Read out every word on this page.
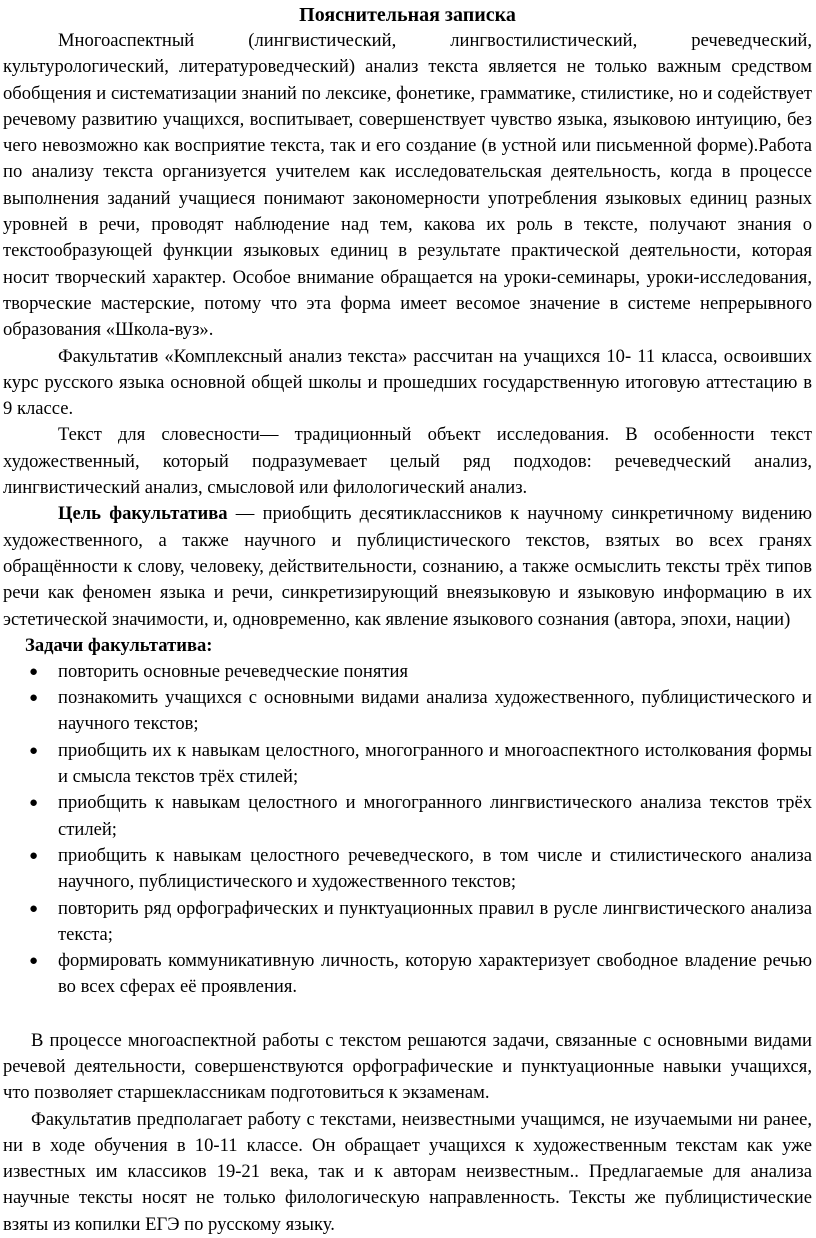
Пояснительная записка

Многоаспектный (лингвистический, лингвостилистический, речеведческий, культурологический, литературоведческий) анализ текста является не только важным средством обобщения и систематизации знаний по лексике, фонетике, грамматике, стилистике, но и содействует речевому развитию учащихся, воспитывает, совершенствует чувство языка, языковою интуицию, без чего невозможно как восприятие текста, так и его создание (в устной или письменной форме).Работа по анализу текста организуется учителем как исследовательская деятельность, когда в процессе выполнения заданий учащиеся понимают закономерности употребления языковых единиц разных уровней в речи, проводят наблюдение над тем, какова их роль в тексте, получают знания о текстообразующей функции языковых единиц в результате практической деятельности, которая носит творческий характер. Особое внимание обращается на уроки-семинары, уроки-исследования, творческие мастерские, потому что эта форма имеет весомое значение в системе непрерывного образования «Школа-вуз».

Факультатив «Комплексный анализ текста» рассчитан на учащихся 10- 11 класса, освоивших курс русского языка основной общей школы и прошедших государственную итоговую аттестацию в 9 классе.

Текст для словесности— традиционный объект исследования. В особенности текст художественный, который подразумевает целый ряд подходов: речеведческий анализ, лингвистический анализ, смысловой или филологический анализ.

Цель факультатива — приобщить десятиклассников к научному синкретичному видению художественного, а также научного и публицистического текстов, взятых во всех гранях обращённости к слову, человеку, действительности, сознанию, а также осмыслить тексты трёх типов речи как феномен языка и речи, синкретизирующий внеязыковую и языковую информацию в их эстетической значимости, и, одновременно, как явление языкового сознания (автора, эпохи, нации)

Задачи факультатива:
● повторить основные речеведческие понятия
● познакомить учащихся с основными видами анализа художественного, публицистического и научного текстов;
● приобщить их к навыкам целостного, многогранного и многоаспектного истолкования формы и смысла текстов трёх стилей;
● приобщить к навыкам целостного и многогранного лингвистического анализа текстов трёх стилей;
● приобщить к навыкам целостного речеведческого, в том числе и стилистического анализа научного, публицистического и художественного текстов;
● повторить ряд орфографических и пунктуационных правил в русле лингвистического анализа текста;
● формировать коммуникативную личность, которую характеризует свободное владение речью во всех сферах её проявления.

В процессе многоаспектной работы с текстом решаются задачи, связанные с основными видами речевой деятельности, совершенствуются орфографические и пунктуационные навыки учащихся, что позволяет старшеклассникам подготовиться к экзаменам.

Факультатив предполагает работу с текстами, неизвестными учащимся, не изучаемыми ни ранее, ни в ходе обучения в 10-11 классе. Он обращает учащихся к художественным текстам как уже известных им классиков 19-21 века, так и к авторам неизвестным.. Предлагаемые для анализа научные тексты носят не только филологическую направленность. Тексты же публицистические взяты из копилки ЕГЭ по русскому языку.
